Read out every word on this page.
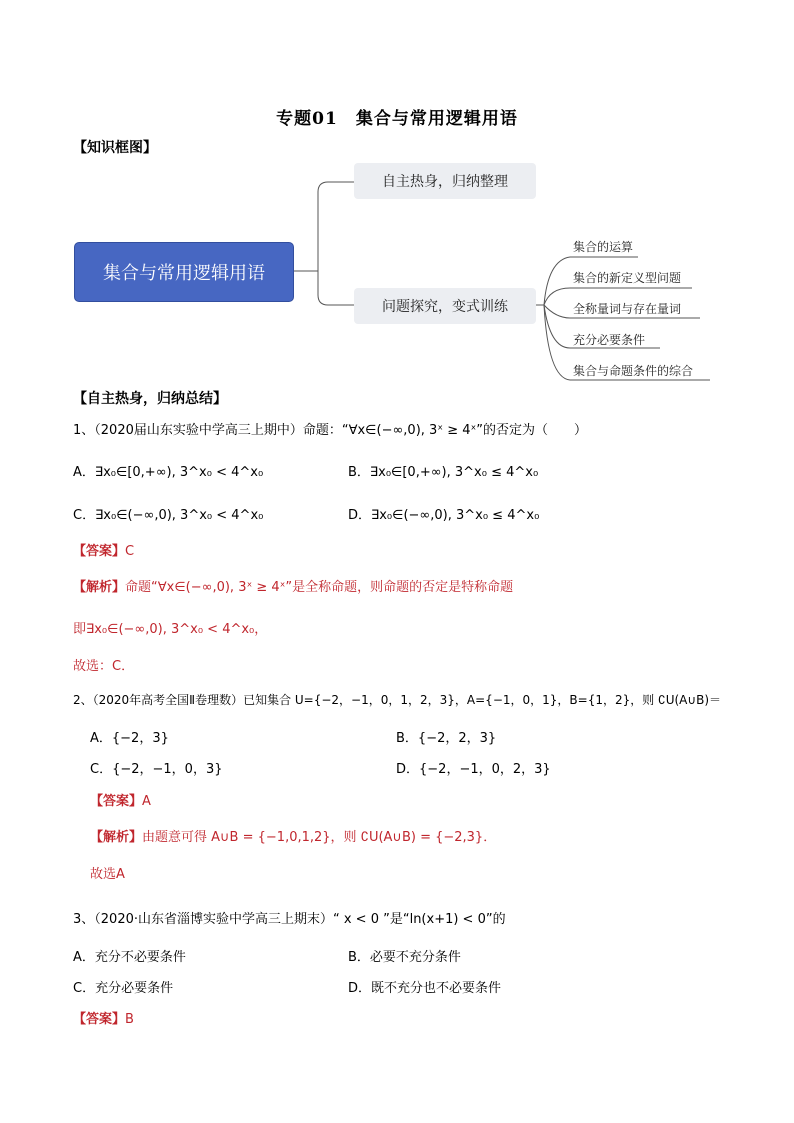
专题01　集合与常用逻辑用语
【知识框图】
集合与常用逻辑用语
自主热身，归纳整理
问题探究，变式训练
集合的运算
集合的新定义型问题
全称量词与存在量词
充分必要条件
集合与命题条件的综合
【自主热身，归纳总结】
1、（2020届山东实验中学高三上期中）命题：“∀x∈(−∞,0), 3ˣ ≥ 4ˣ”的否定为（　　）
A．∃x₀∈[0,+∞), 3^x₀ < 4^x₀	B．∃x₀∈[0,+∞), 3^x₀ ≤ 4^x₀
C．∃x₀∈(−∞,0), 3^x₀ < 4^x₀	D．∃x₀∈(−∞,0), 3^x₀ ≤ 4^x₀
【答案】C
【解析】命题“∀x∈(−∞,0), 3ˣ ≥ 4ˣ”是全称命题，则命题的否定是特称命题
即∃x₀∈(−∞,0), 3^x₀ < 4^x₀，
故选：C．
2、（2020年高考全国Ⅱ卷理数）已知集合 U={−2，−1，0，1，2，3}，A={−1，0，1}，B={1，2}，则 ∁U(A∪B)＝
A．{−2，3}	B．{−2，2，3}
C．{−2，−1，0，3}	D．{−2，−1，0，2，3}
【答案】A
【解析】由题意可得 A∪B = {−1,0,1,2}，则 ∁U(A∪B) = {−2,3}．
故选A
3、（2020·山东省淄博实验中学高三上期末）“ x < 0 ”是“ln(x+1) < 0”的
A．充分不必要条件	B．必要不充分条件
C．充分必要条件	D．既不充分也不必要条件
【答案】B
